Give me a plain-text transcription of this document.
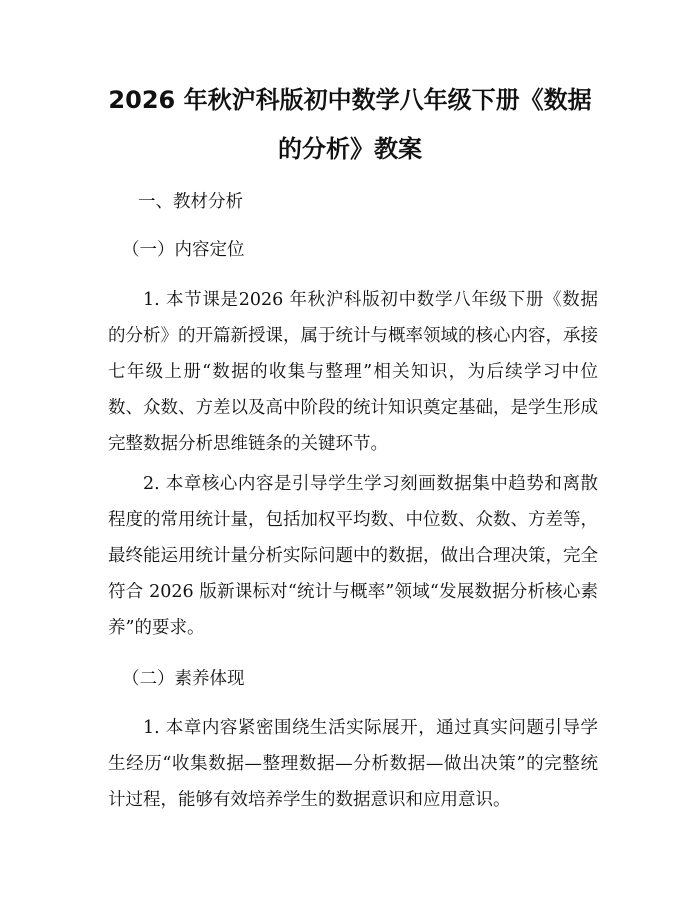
2026 年秋沪科版初中数学八年级下册《数据
的分析》教案
一、教材分析
（一）内容定位

1. 本节课是2026 年秋沪科版初中数学八年级下册《数据的分析》的开篇新授课，属于统计与概率领域的核心内容，承接七年级上册“数据的收集与整理”相关知识，为后续学习中位数、众数、方差以及高中阶段的统计知识奠定基础，是学生形成完整数据分析思维链条的关键环节。

2. 本章核心内容是引导学生学习刻画数据集中趋势和离散程度的常用统计量，包括加权平均数、中位数、众数、方差等，最终能运用统计量分析实际问题中的数据，做出合理决策，完全符合 2026 版新课标对“统计与概率”领域“发展数据分析核心素养”的要求。

（二）素养体现

1. 本章内容紧密围绕生活实际展开，通过真实问题引导学生经历“收集数据—整理数据—分析数据—做出决策”的完整统计过程，能够有效培养学生的数据意识和应用意识。
